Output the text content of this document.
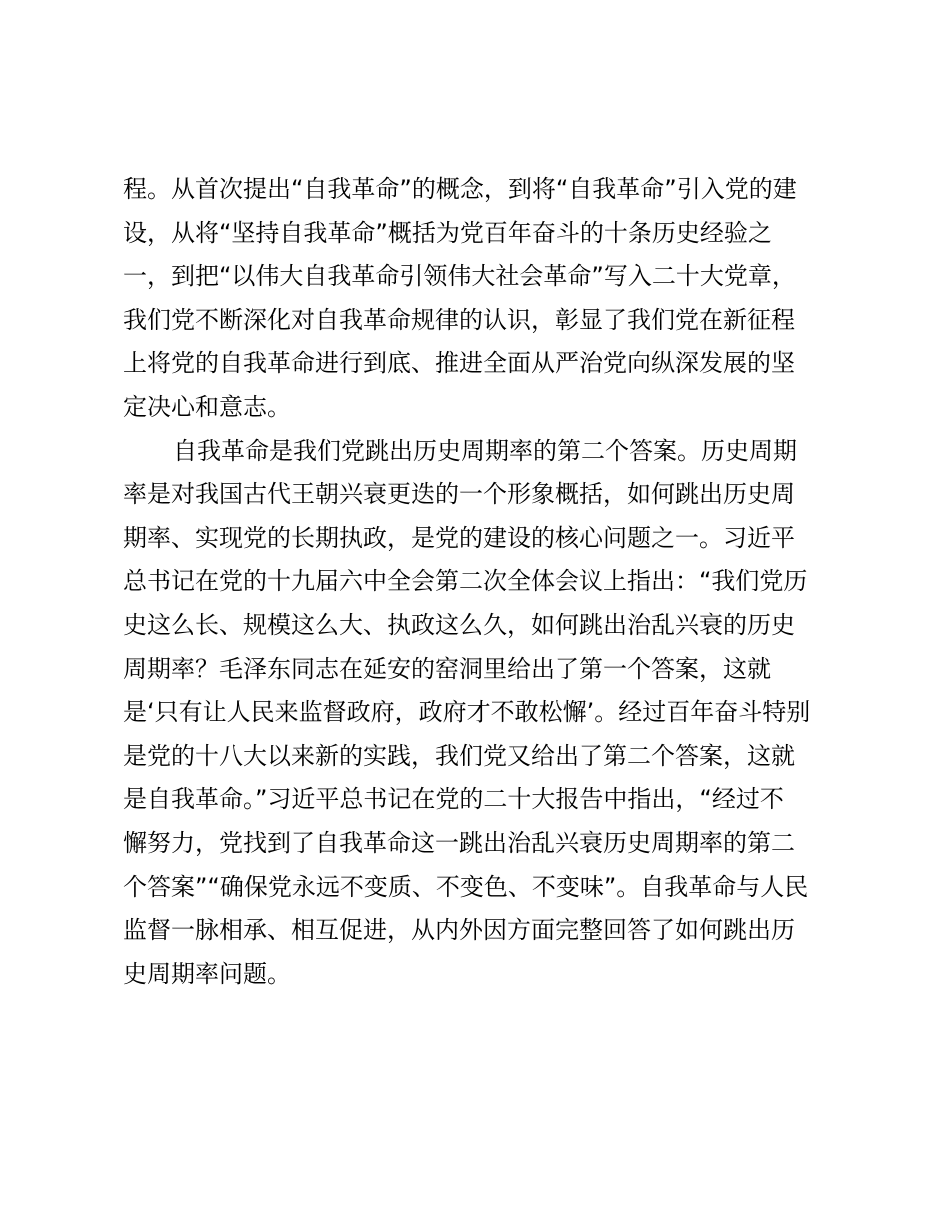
程。从首次提出“自我革命”的概念，到将“自我革命”引入党的建
设，从将“坚持自我革命”概括为党百年奋斗的十条历史经验之
一，到把“以伟大自我革命引领伟大社会革命”写入二十大党章，
我们党不断深化对自我革命规律的认识，彰显了我们党在新征程
上将党的自我革命进行到底、推进全面从严治党向纵深发展的坚
定决心和意志。
自我革命是我们党跳出历史周期率的第二个答案。历史周期
率是对我国古代王朝兴衰更迭的一个形象概括，如何跳出历史周
期率、实现党的长期执政，是党的建设的核心问题之一。习近平
总书记在党的十九届六中全会第二次全体会议上指出：“我们党历
史这么长、规模这么大、执政这么久，如何跳出治乱兴衰的历史
周期率？毛泽东同志在延安的窑洞里给出了第一个答案，这就
是‘只有让人民来监督政府，政府才不敢松懈’。经过百年奋斗特别
是党的十八大以来新的实践，我们党又给出了第二个答案，这就
是自我革命。”习近平总书记在党的二十大报告中指出，“经过不
懈努力，党找到了自我革命这一跳出治乱兴衰历史周期率的第二
个答案”“确保党永远不变质、不变色、不变味”。自我革命与人民
监督一脉相承、相互促进，从内外因方面完整回答了如何跳出历
史周期率问题。
